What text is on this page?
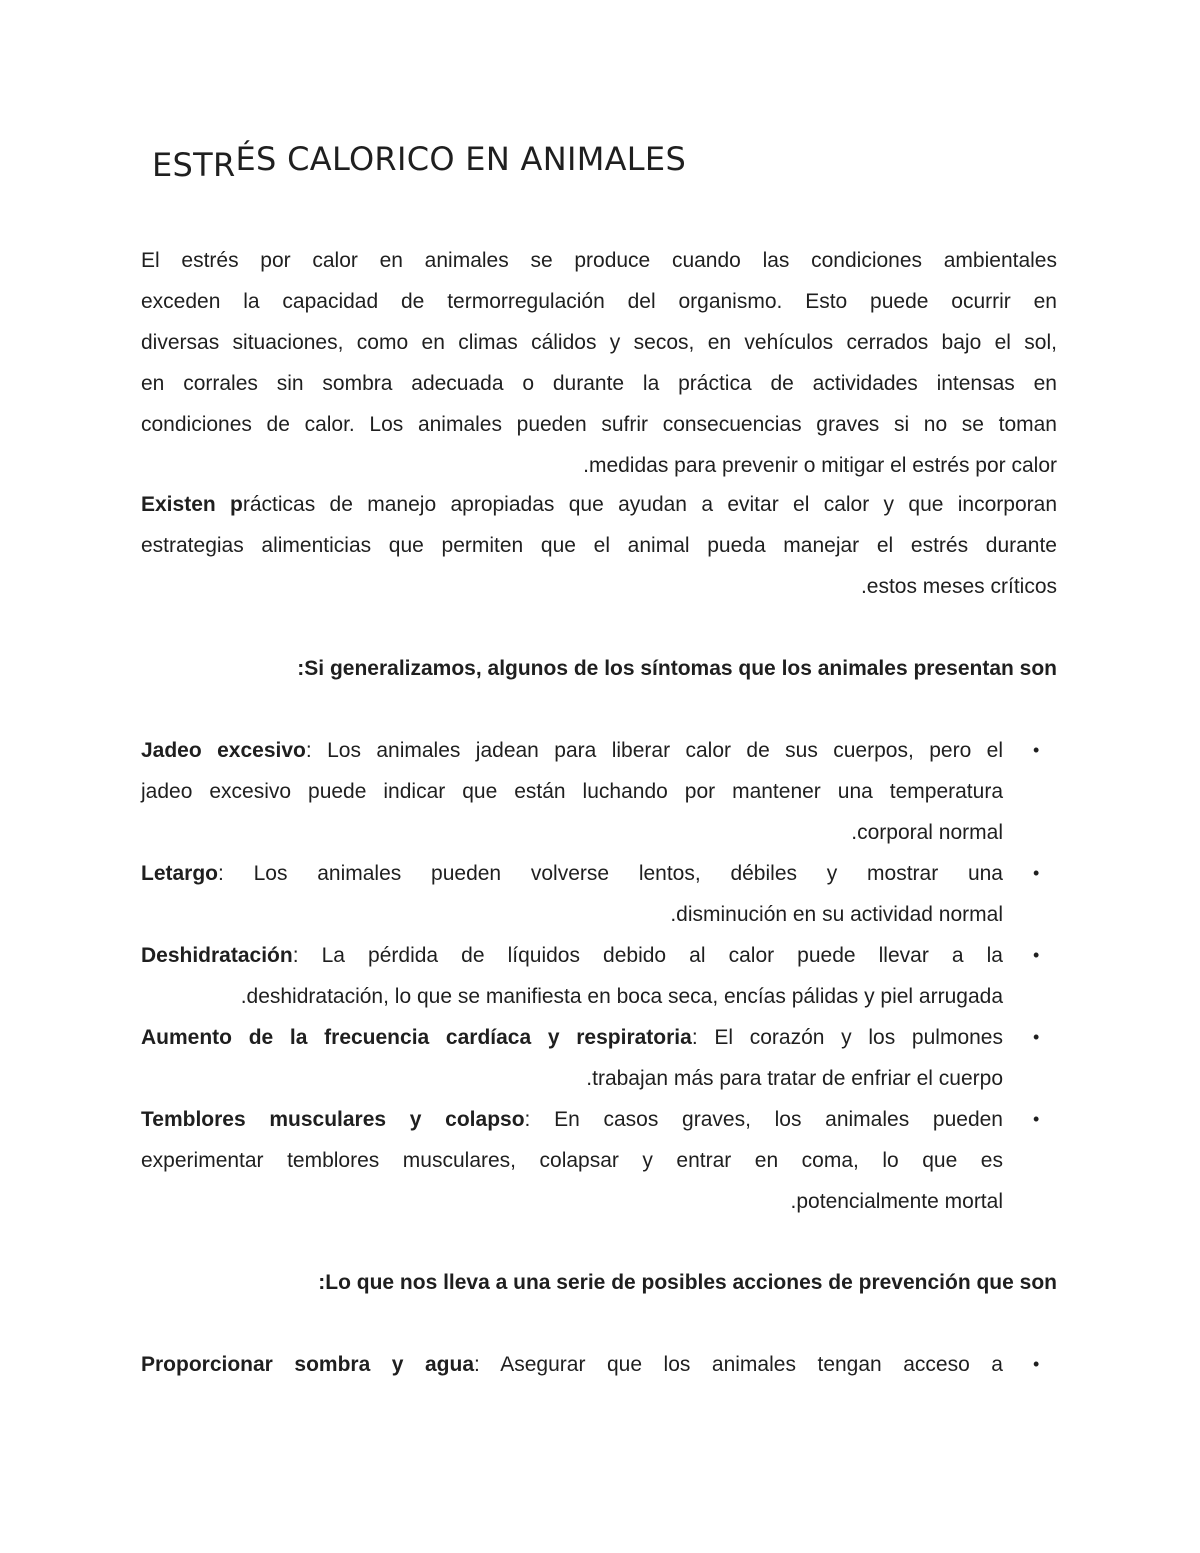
ESTRÉS CALORICO EN ANIMALES
El estrés por calor en animales se produce cuando las condiciones ambientales
exceden la capacidad de termorregulación del organismo. Esto puede ocurrir en
diversas situaciones, como en climas cálidos y secos, en vehículos cerrados bajo el sol,
en corrales sin sombra adecuada o durante la práctica de actividades intensas en
condiciones de calor. Los animales pueden sufrir consecuencias graves si no se toman
.medidas para prevenir o mitigar el estrés por calor
Existen prácticas de manejo apropiadas que ayudan a evitar el calor y que incorporan
estrategias alimenticias que permiten que el animal pueda manejar el estrés durante
.estos meses críticos

:Si generalizamos, algunos de los síntomas que los animales presentan son

•
Jadeo excesivo: Los animales jadean para liberar calor de sus cuerpos, pero el
jadeo excesivo puede indicar que están luchando por mantener una temperatura
.corporal normal
•
Letargo: Los animales pueden volverse lentos, débiles y mostrar una
.disminución en su actividad normal
•
Deshidratación: La pérdida de líquidos debido al calor puede llevar a la
.deshidratación, lo que se manifiesta en boca seca, encías pálidas y piel arrugada
•
Aumento de la frecuencia cardíaca y respiratoria: El corazón y los pulmones
.trabajan más para tratar de enfriar el cuerpo
•
Temblores musculares y colapso: En casos graves, los animales pueden
experimentar temblores musculares, colapsar y entrar en coma, lo que es
.potencialmente mortal

:Lo que nos lleva a una serie de posibles acciones de prevención que son

•
Proporcionar sombra y agua: Asegurar que los animales tengan acceso a
